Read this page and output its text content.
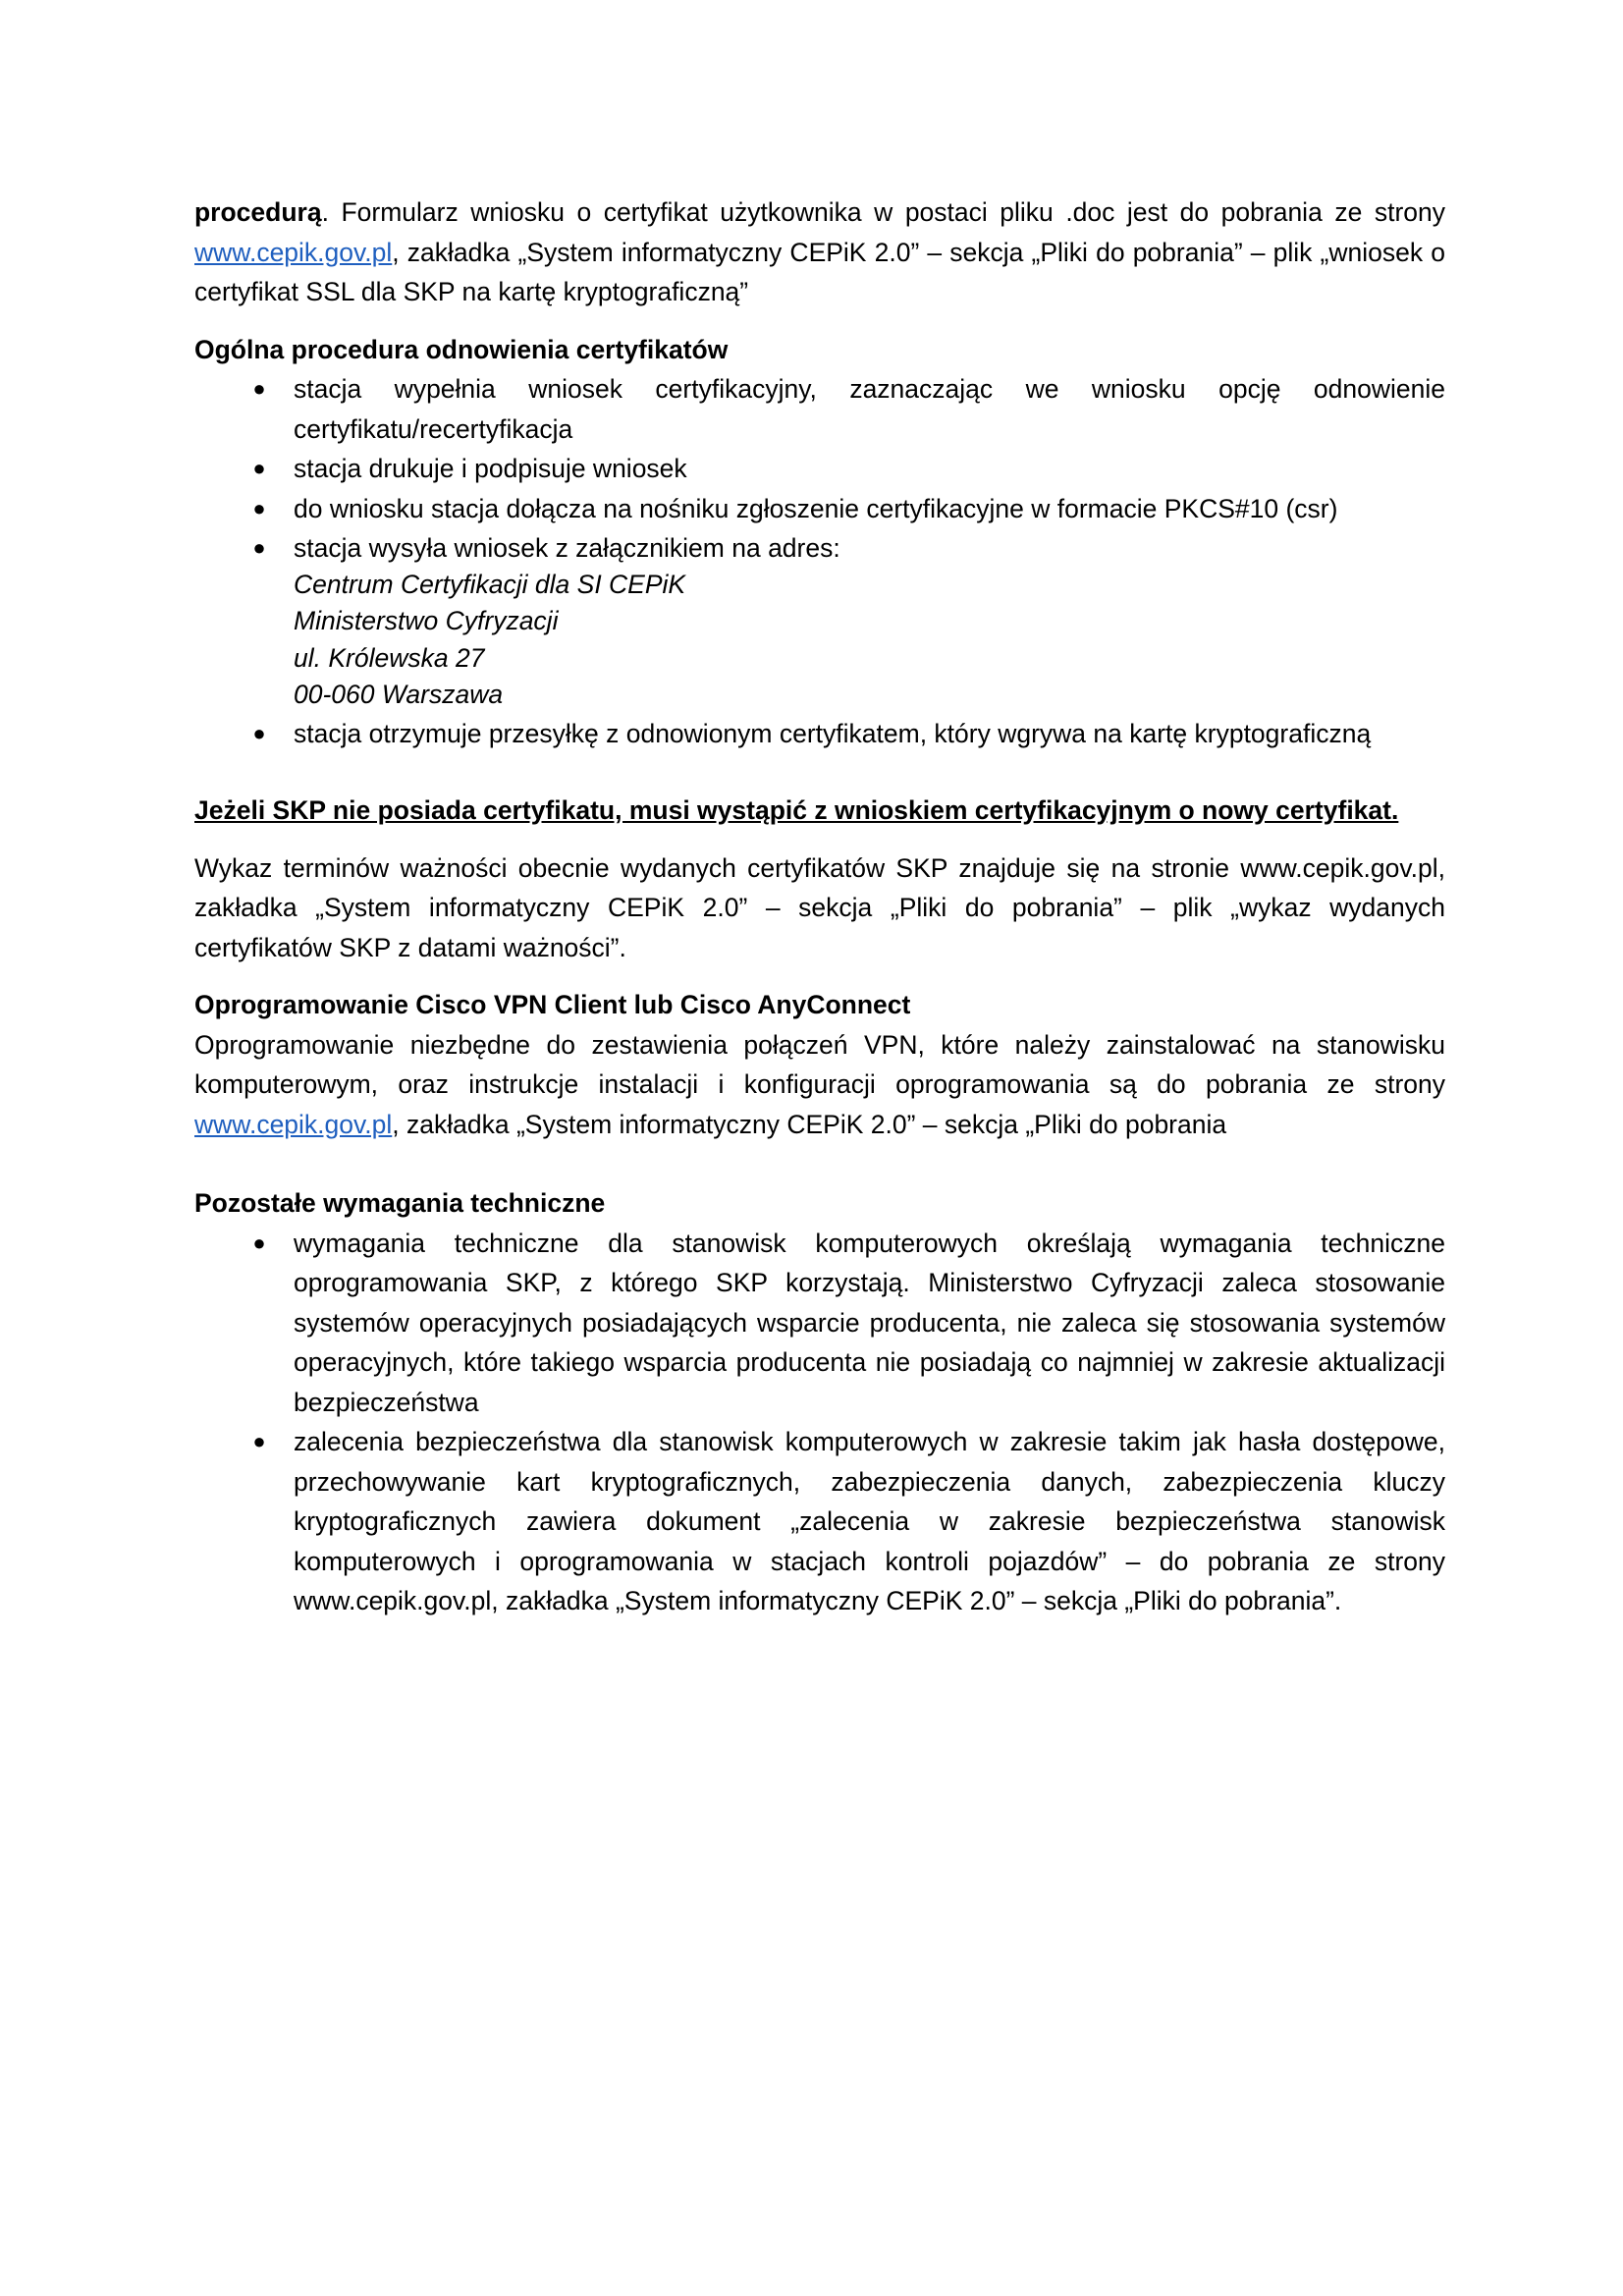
procedurą. Formularz wniosku o certyfikat użytkownika w postaci pliku .doc jest do pobrania ze strony www.cepik.gov.pl, zakładka „System informatyczny CEPiK 2.0” – sekcja „Pliki do pobrania” – plik „wniosek o certyfikat SSL dla SKP na kartę kryptograficzną”

Ogólna procedura odnowienia certyfikatów

● stacja wypełnia wniosek certyfikacyjny, zaznaczając we wniosku opcję odnowienie certyfikatu/recertyfikacja
● stacja drukuje i podpisuje wniosek
● do wniosku stacja dołącza na nośniku zgłoszenie certyfikacyjne w formacie PKCS#10 (csr)
● stacja wysyła wniosek z załącznikiem na adres:
Centrum Certyfikacji dla SI CEPiK
Ministerstwo Cyfryzacji
ul. Królewska 27
00-060 Warszawa
● stacja otrzymuje przesyłkę z odnowionym certyfikatem, który wgrywa na kartę kryptograficzną

Jeżeli SKP nie posiada certyfikatu, musi wystąpić z wnioskiem certyfikacyjnym o nowy certyfikat.

Wykaz terminów ważności obecnie wydanych certyfikatów SKP znajduje się na stronie www.cepik.gov.pl, zakładka „System informatyczny CEPiK 2.0” – sekcja „Pliki do pobrania” – plik „wykaz wydanych certyfikatów SKP z datami ważności”.

Oprogramowanie Cisco VPN Client lub Cisco AnyConnect

Oprogramowanie niezbędne do zestawienia połączeń VPN, które należy zainstalować na stanowisku komputerowym, oraz instrukcje instalacji i konfiguracji oprogramowania są do pobrania ze strony www.cepik.gov.pl, zakładka „System informatyczny CEPiK 2.0” – sekcja „Pliki do pobrania

Pozostałe wymagania techniczne

● wymagania techniczne dla stanowisk komputerowych określają wymagania techniczne oprogramowania SKP, z którego SKP korzystają. Ministerstwo Cyfryzacji zaleca stosowanie systemów operacyjnych posiadających wsparcie producenta, nie zaleca się stosowania systemów operacyjnych, które takiego wsparcia producenta nie posiadają co najmniej w zakresie aktualizacji bezpieczeństwa
● zalecenia bezpieczeństwa dla stanowisk komputerowych w zakresie takim jak hasła dostępowe, przechowywanie kart kryptograficznych, zabezpieczenia danych, zabezpieczenia kluczy kryptograficznych zawiera dokument „zalecenia w zakresie bezpieczeństwa stanowisk komputerowych i oprogramowania w stacjach kontroli pojazdów” – do pobrania ze strony www.cepik.gov.pl, zakładka „System informatyczny CEPiK 2.0” – sekcja „Pliki do pobrania”.
